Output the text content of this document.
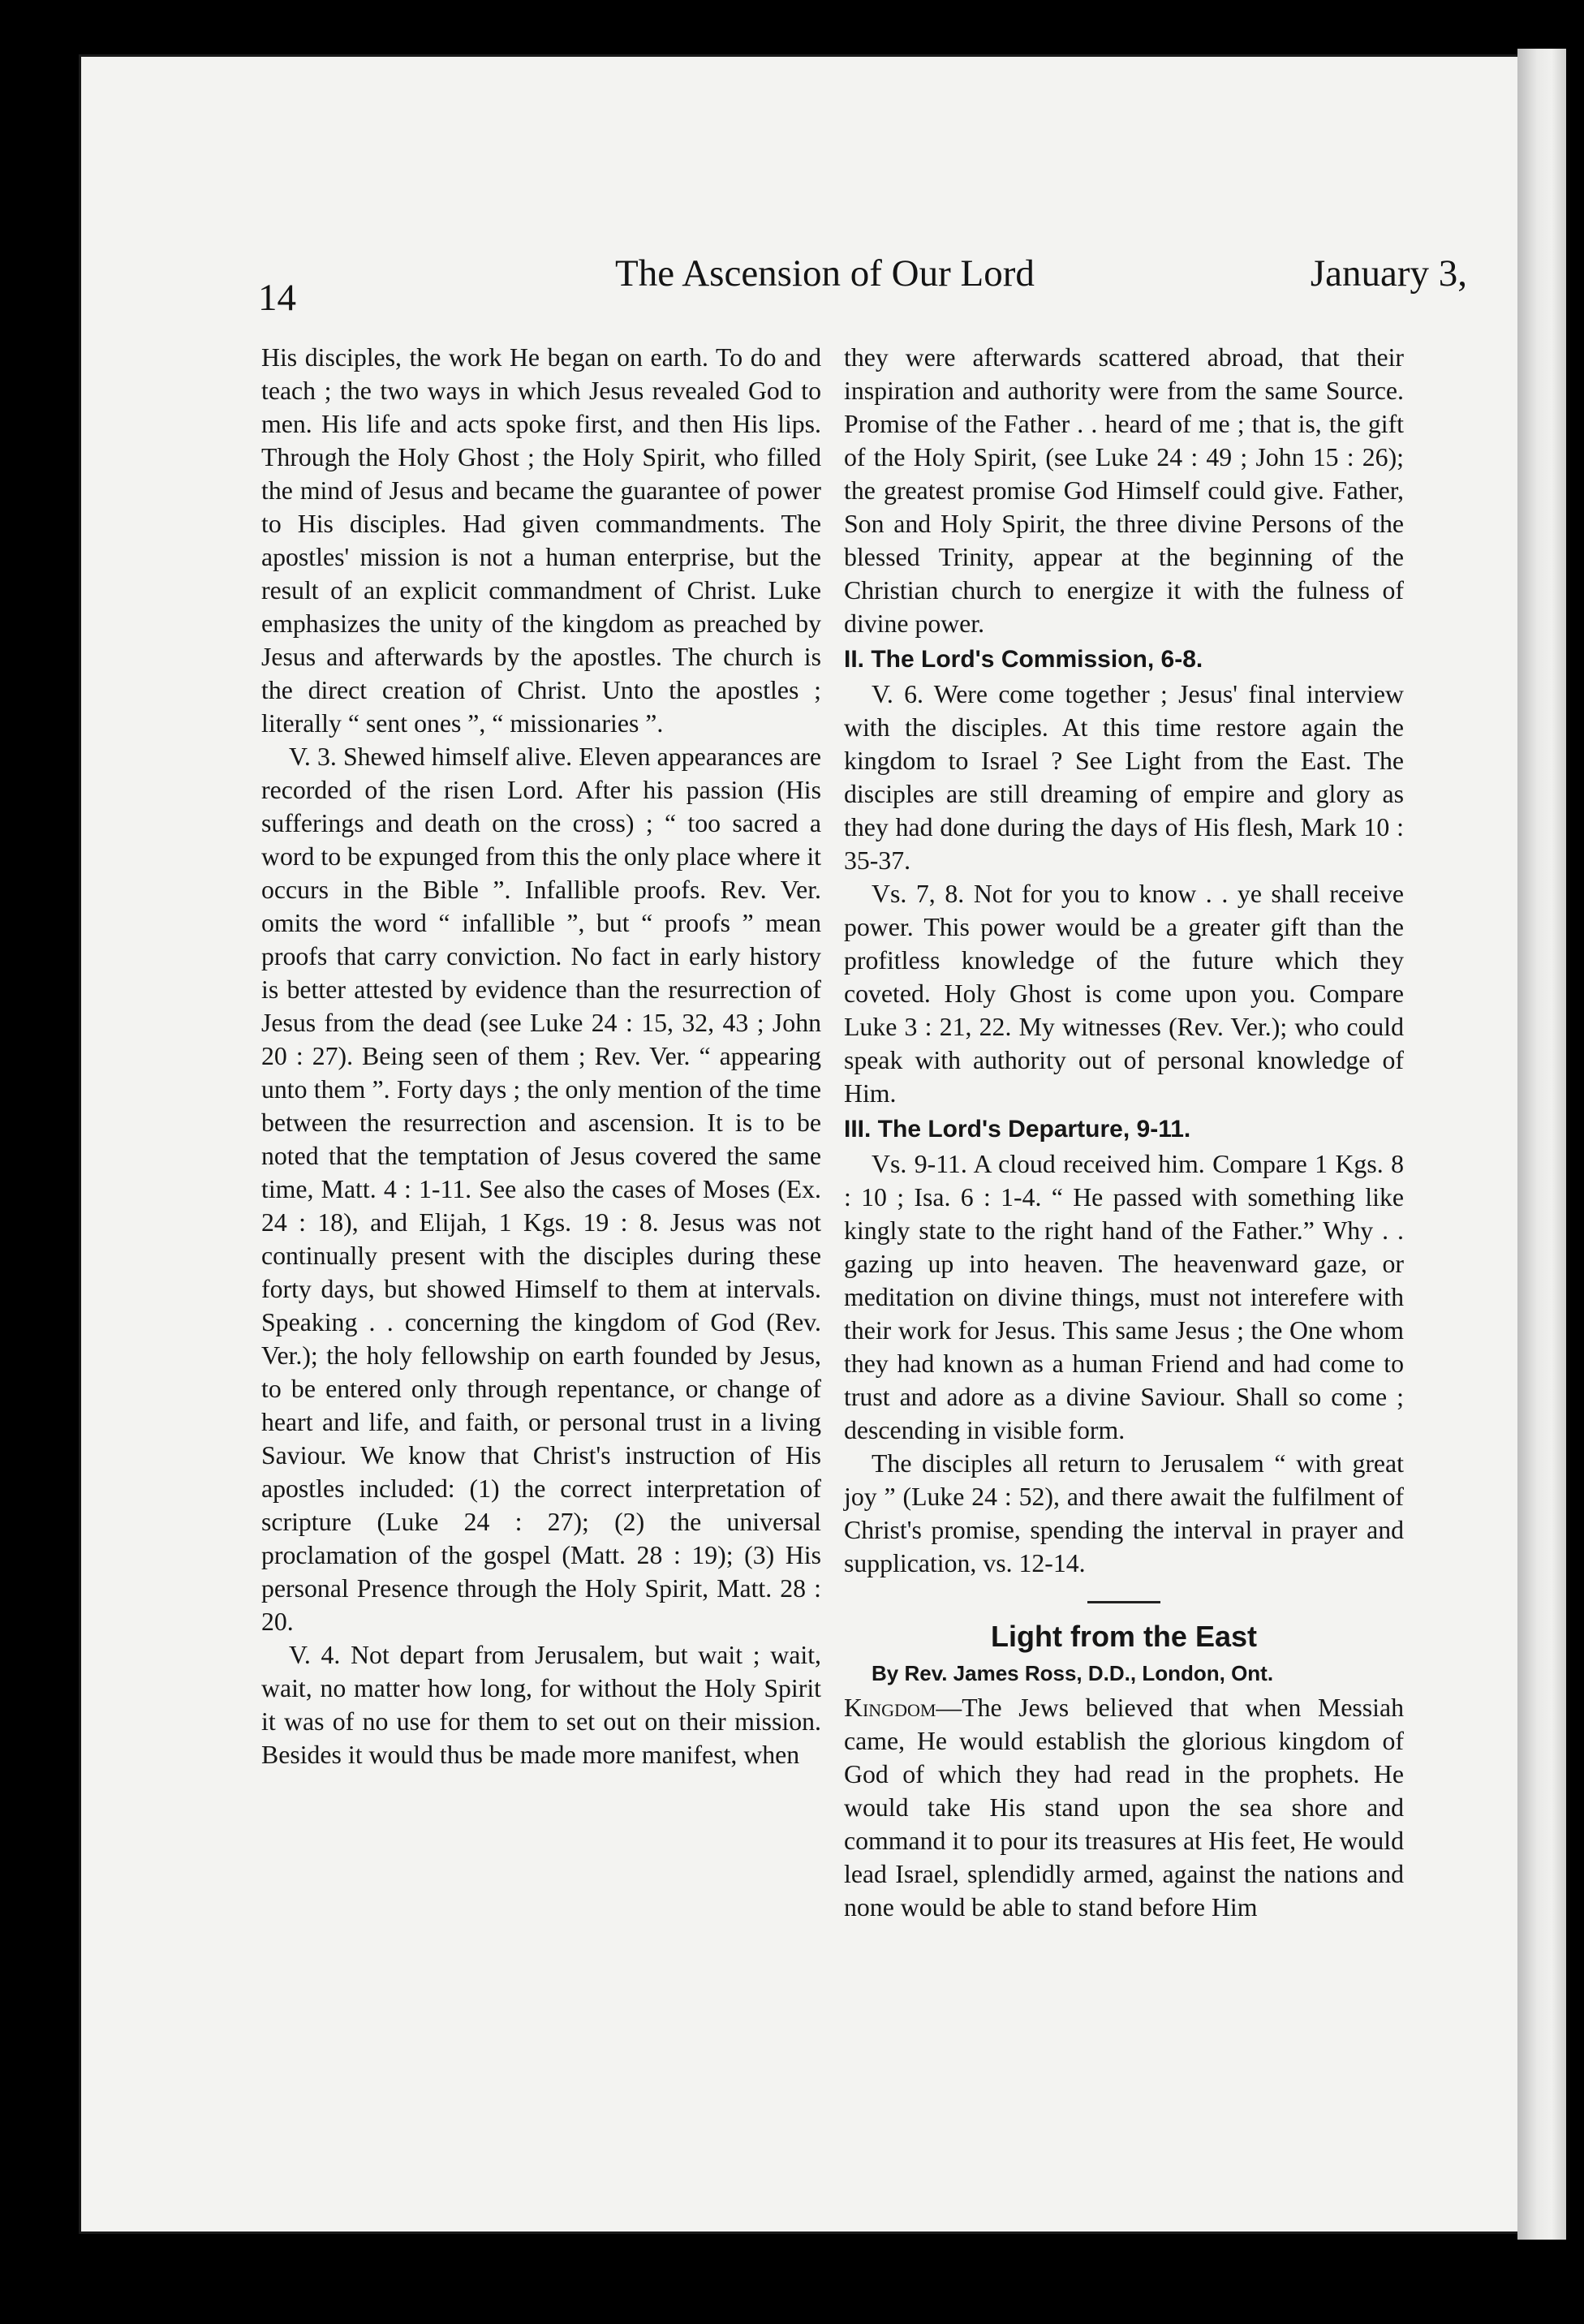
14
The Ascension of Our Lord	January 3,

His disciples, the work He began on earth. To do and teach ; the two ways in which Jesus revealed God to men. His life and acts spoke first, and then His lips. Through the Holy Ghost ; the Holy Spirit, who filled the mind of Jesus and became the guarantee of power to His disciples. Had given commandments. The apostles' mission is not a human enterprise, but the result of an explicit commandment of Christ. Luke emphasizes the unity of the kingdom as preached by Jesus and afterwards by the apostles. The church is the direct creation of Christ. Unto the apostles ; literally “ sent ones ”, “ missionaries ”.

V. 3. Shewed himself alive. Eleven appearances are recorded of the risen Lord. After his passion (His sufferings and death on the cross) ; “ too sacred a word to be expunged from this the only place where it occurs in the Bible ”. Infallible proofs. Rev. Ver. omits the word “ infallible ”, but “ proofs ” mean proofs that carry conviction. No fact in early history is better attested by evidence than the resurrection of Jesus from the dead (see Luke 24 : 15, 32, 43 ; John 20 : 27). Being seen of them ; Rev. Ver. “ appearing unto them ”. Forty days ; the only mention of the time between the resurrection and ascension. It is to be noted that the temptation of Jesus covered the same time, Matt. 4 : 1-11. See also the cases of Moses (Ex. 24 : 18), and Elijah, 1 Kgs. 19 : 8. Jesus was not continually present with the disciples during these forty days, but showed Himself to them at intervals. Speaking . . concerning the kingdom of God (Rev. Ver.); the holy fellowship on earth founded by Jesus, to be entered only through repentance, or change of heart and life, and faith, or personal trust in a living Saviour. We know that Christ's instruction of His apostles included: (1) the correct interpretation of scripture (Luke 24 : 27); (2) the universal proclamation of the gospel (Matt. 28 : 19); (3) His personal Presence through the Holy Spirit, Matt. 28 : 20.

V. 4. Not depart from Jerusalem, but wait ; wait, wait, no matter how long, for without the Holy Spirit it was of no use for them to set out on their mission. Besides it would thus be made more manifest, when

they were afterwards scattered abroad, that their inspiration and authority were from the same Source. Promise of the Father . . heard of me ; that is, the gift of the Holy Spirit, (see Luke 24 : 49 ; John 15 : 26); the greatest promise God Himself could give. Father, Son and Holy Spirit, the three divine Persons of the blessed Trinity, appear at the beginning of the Christian church to energize it with the fulness of divine power.

II. The Lord's Commission, 6-8.

V. 6. Were come together ; Jesus' final interview with the disciples. At this time restore again the kingdom to Israel ? See Light from the East. The disciples are still dreaming of empire and glory as they had done during the days of His flesh, Mark 10 : 35-37.

Vs. 7, 8. Not for you to know . . ye shall receive power. This power would be a greater gift than the profitless knowledge of the future which they coveted. Holy Ghost is come upon you. Compare Luke 3 : 21, 22. My witnesses (Rev. Ver.); who could speak with authority out of personal knowledge of Him.

III. The Lord's Departure, 9-11.

Vs. 9-11. A cloud received him. Compare 1 Kgs. 8 : 10 ; Isa. 6 : 1-4. “ He passed with something like kingly state to the right hand of the Father.” Why . . gazing up into heaven. The heavenward gaze, or meditation on divine things, must not interefere with their work for Jesus. This same Jesus ; the One whom they had known as a human Friend and had come to trust and adore as a divine Saviour. Shall so come ; descending in visible form.

The disciples all return to Jerusalem “ with great joy ” (Luke 24 : 52), and there await the fulfilment of Christ's promise, spending the interval in prayer and supplication, vs. 12-14.

Light from the East
By Rev. James Ross, D.D., London, Ont.

Kingdom—The Jews believed that when Messiah came, He would establish the glorious kingdom of God of which they had read in the prophets. He would take His stand upon the sea shore and command it to pour its treasures at His feet, He would lead Israel, splendidly armed, against the nations and none would be able to stand before Him
